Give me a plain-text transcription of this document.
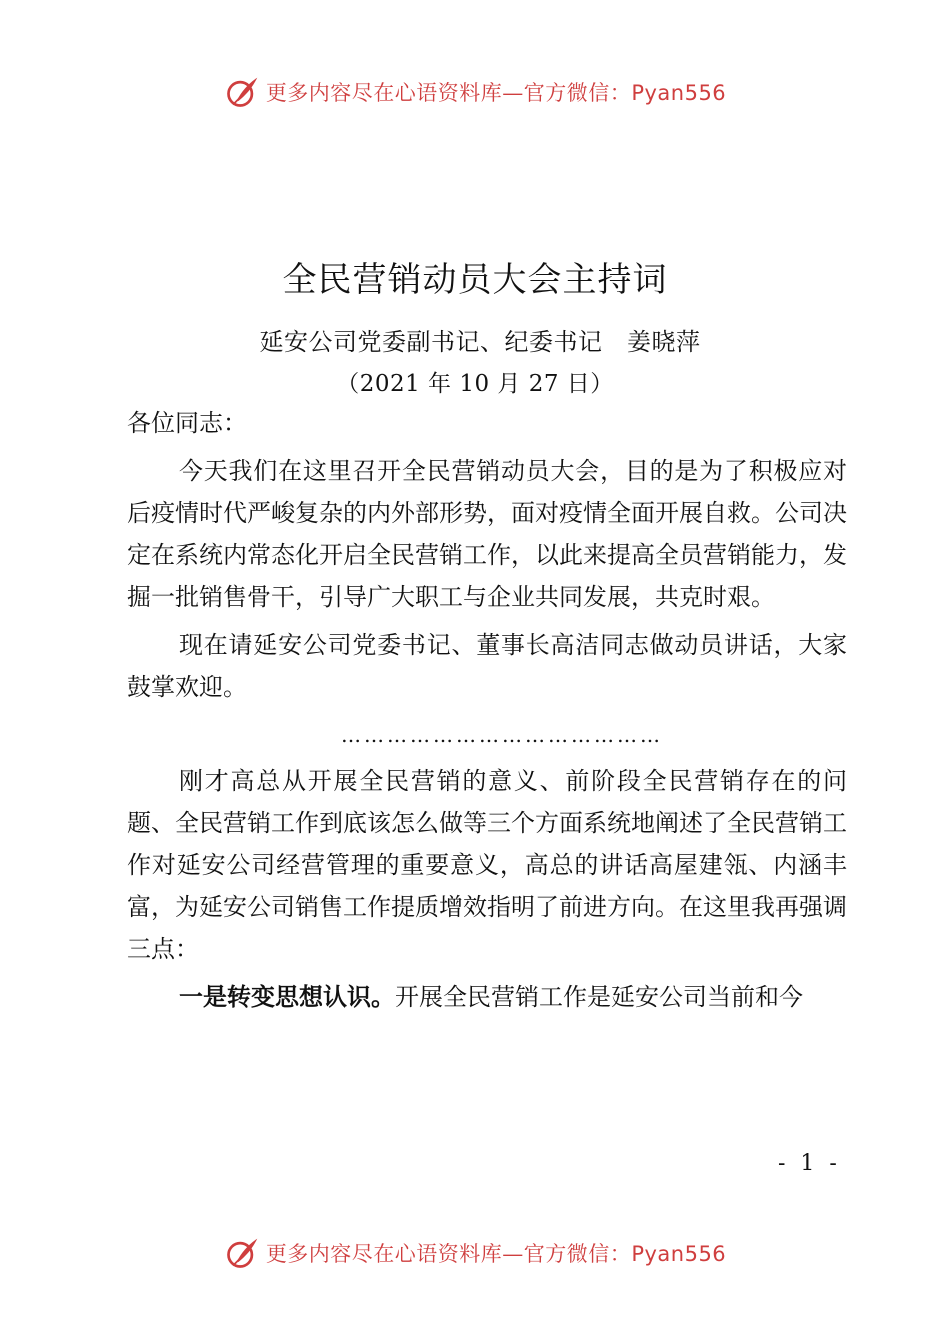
更多内容尽在心语资料库—官方微信：Pyan556
全民营销动员大会主持词
延安公司党委副书记、纪委书记　姜晓萍
（2021 年 10 月 27 日）

各位同志：

今天我们在这里召开全民营销动员大会，目的是为了积极应对后疫情时代严峻复杂的内外部形势，面对疫情全面开展自救。公司决定在系统内常态化开启全民营销工作，以此来提高全员营销能力，发掘一批销售骨干，引导广大职工与企业共同发展，共克时艰。

现在请延安公司党委书记、董事长高洁同志做动员讲话，大家鼓掌欢迎。

……………………………………

刚才高总从开展全民营销的意义、前阶段全民营销存在的问题、全民营销工作到底该怎么做等三个方面系统地阐述了全民营销工作对延安公司经营管理的重要意义，高总的讲话高屋建瓴、内涵丰富，为延安公司销售工作提质增效指明了前进方向。在这里我再强调三点：

一是转变思想认识。开展全民营销工作是延安公司当前和今

- 1 -
更多内容尽在心语资料库—官方微信：Pyan556
